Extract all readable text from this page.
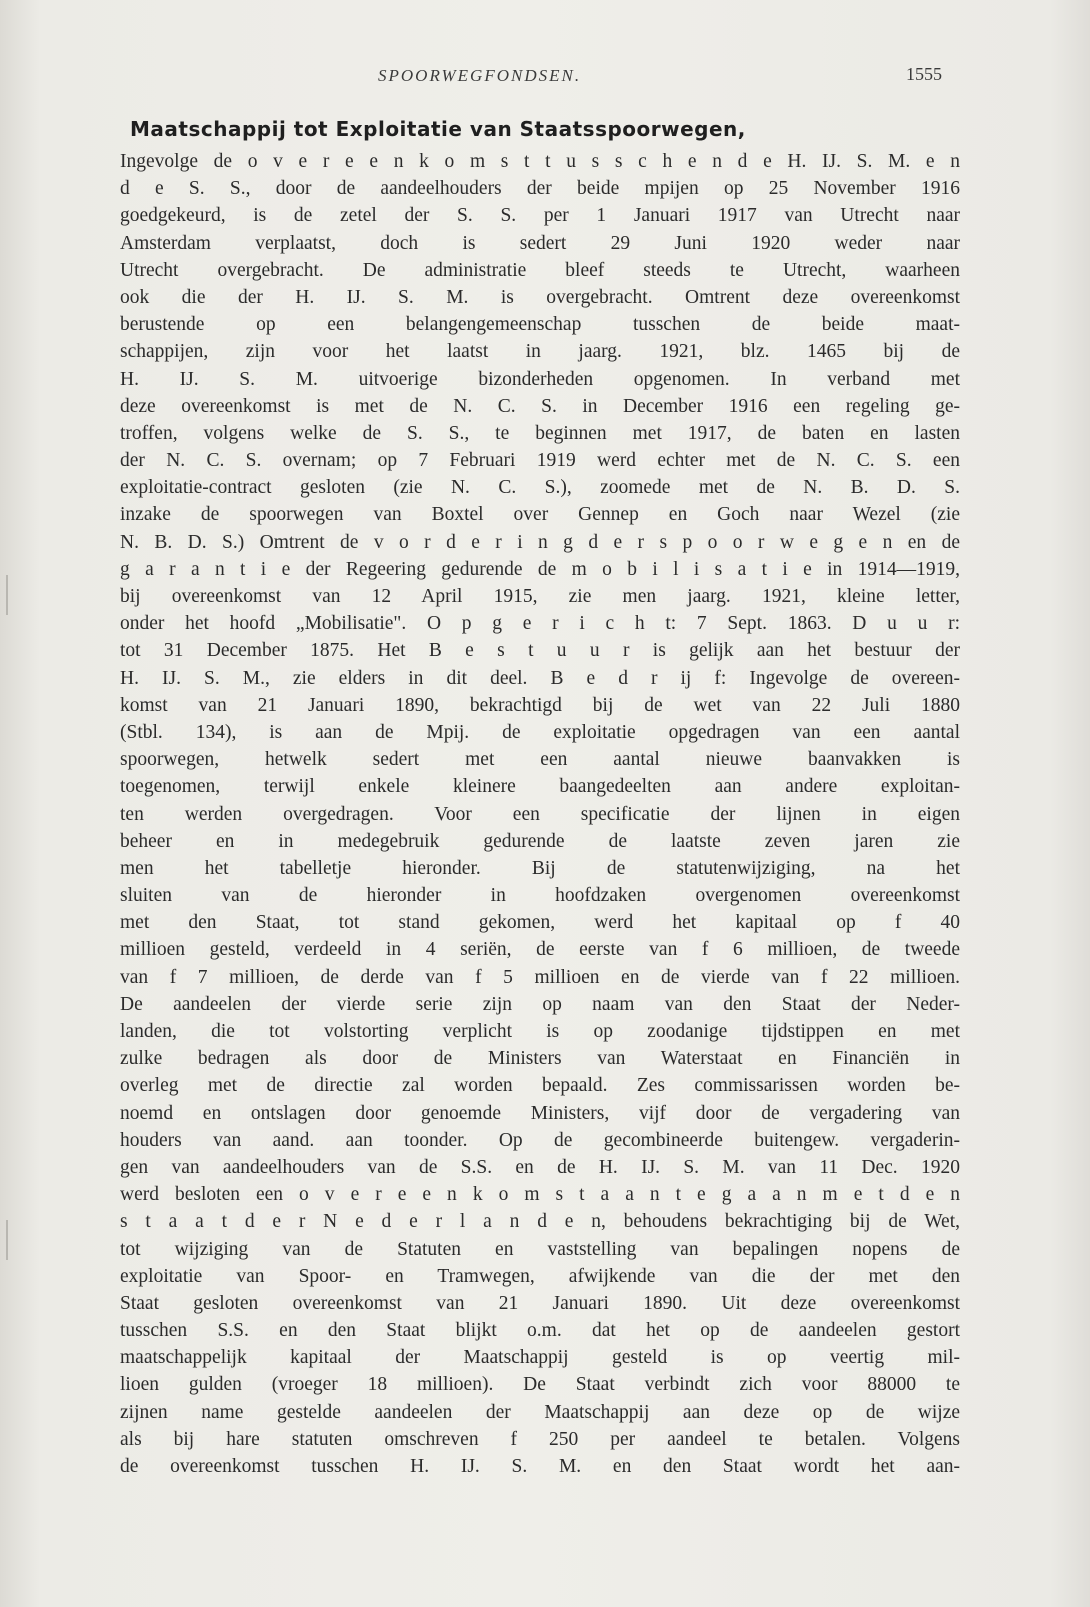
SPOORWEGFONDSEN.	1555
Maatschappij tot Exploitatie van Staatsspoorwegen,
Ingevolge de o v e r e e n k o m s t t u s s c h e n d e H. IJ. S. M. e n
d e S. S., door de aandeelhouders der beide mpijen op 25 November 1916
goedgekeurd, is de zetel der S. S. per 1 Januari 1917 van Utrecht naar
Amsterdam verplaatst, doch is sedert 29 Juni 1920 weder naar
Utrecht overgebracht. De administratie bleef steeds te Utrecht, waarheen
ook die der H. IJ. S. M. is overgebracht. Omtrent deze overeenkomst
berustende op een belangengemeenschap tusschen de beide maat-
schappijen, zijn voor het laatst in jaarg. 1921, blz. 1465 bij de
H. IJ. S. M. uitvoerige bizonderheden opgenomen. In verband met
deze overeenkomst is met de N. C. S. in December 1916 een regeling ge-
troffen, volgens welke de S. S., te beginnen met 1917, de baten en lasten
der N. C. S. overnam; op 7 Februari 1919 werd echter met de N. C. S. een
exploitatie-contract gesloten (zie N. C. S.), zoomede met de N. B. D. S.
inzake de spoorwegen van Boxtel over Gennep en Goch naar Wezel (zie
N. B. D. S.) Omtrent de v o r d e r i n g d e r s p o o r w e g e n en de
g a r a n t i e der Regeering gedurende de m o b i l i s a t i e in 1914—1919,
bij overeenkomst van 12 April 1915, zie men jaarg. 1921, kleine letter,
onder het hoofd „Mobilisatie". O p g e r i c h t: 7 Sept. 1863. D u u r:
tot 31 December 1875. Het B e s t u u r is gelijk aan het bestuur der
H. IJ. S. M., zie elders in dit deel. B e d r ij f: Ingevolge de overeen-
komst van 21 Januari 1890, bekrachtigd bij de wet van 22 Juli 1880
(Stbl. 134), is aan de Mpij. de exploitatie opgedragen van een aantal
spoorwegen, hetwelk sedert met een aantal nieuwe baanvakken is
toegenomen, terwijl enkele kleinere baangedeelten aan andere exploitan-
ten werden overgedragen. Voor een specificatie der lijnen in eigen
beheer en in medegebruik gedurende de laatste zeven jaren zie
men het tabelletje hieronder. Bij de statutenwijziging, na het
sluiten van de hieronder in hoofdzaken overgenomen overeenkomst
met den Staat, tot stand gekomen, werd het kapitaal op f 40
millioen gesteld, verdeeld in 4 seriën, de eerste van f 6 millioen, de tweede
van f 7 millioen, de derde van f 5 millioen en de vierde van f 22 millioen.
De aandeelen der vierde serie zijn op naam van den Staat der Neder-
landen, die tot volstorting verplicht is op zoodanige tijdstippen en met
zulke bedragen als door de Ministers van Waterstaat en Financiën in
overleg met de directie zal worden bepaald. Zes commissarissen worden be-
noemd en ontslagen door genoemde Ministers, vijf door de vergadering van
houders van aand. aan toonder. Op de gecombineerde buitengew. vergaderin-
gen van aandeelhouders van de S.S. en de H. IJ. S. M. van 11 Dec. 1920
werd besloten een o v e r e e n k o m s t a a n t e g a a n m e t d e n
s t a a t d e r N e d e r l a n d e n, behoudens bekrachtiging bij de Wet,
tot wijziging van de Statuten en vaststelling van bepalingen nopens de
exploitatie van Spoor- en Tramwegen, afwijkende van die der met den
Staat gesloten overeenkomst van 21 Januari 1890. Uit deze overeenkomst
tusschen S.S. en den Staat blijkt o.m. dat het op de aandeelen gestort
maatschappelijk kapitaal der Maatschappij gesteld is op veertig mil-
lioen gulden (vroeger 18 millioen). De Staat verbindt zich voor 88000 te
zijnen name gestelde aandeelen der Maatschappij aan deze op de wijze
als bij hare statuten omschreven f 250 per aandeel te betalen. Volgens
de overeenkomst tusschen H. IJ. S. M. en den Staat wordt het aan-
